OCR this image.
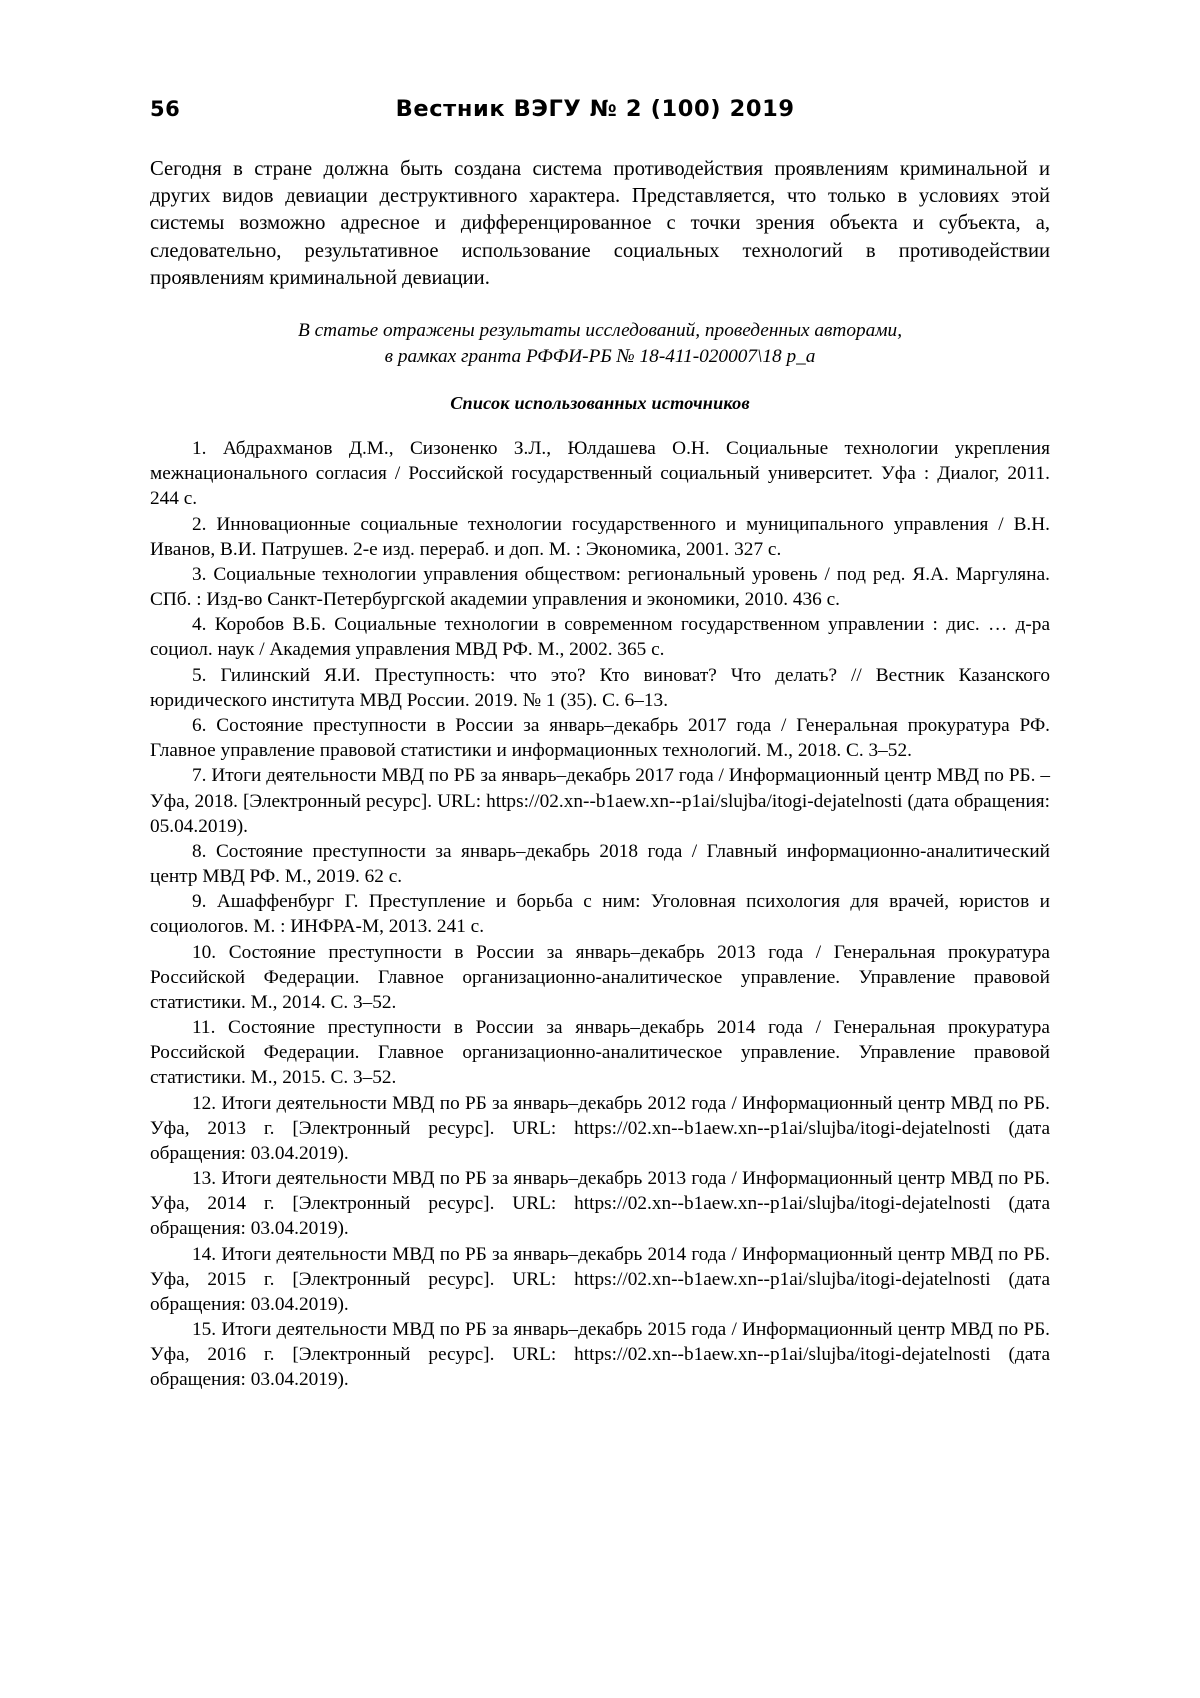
56	Вестник ВЭГУ № 2 (100) 2019

Сегодня в стране должна быть создана система противодействия проявлениям криминальной и других видов девиации деструктивного характера. Представляется, что только в условиях этой системы возможно адресное и дифференцированное с точки зрения объекта и субъекта, а, следовательно, результативное использование социальных технологий в противодействии проявлениям криминальной девиации.

В статье отражены результаты исследований, проведенных авторами,
в рамках гранта РФФИ-РБ № 18-411-020007\18 р_а
Список использованных источников

1. Абдрахманов Д.М., Сизоненко З.Л., Юлдашева О.Н. Социальные технологии укрепления межнационального согласия / Российской государственный социальный университет. Уфа : Диалог, 2011. 244 с.

2. Инновационные социальные технологии государственного и муниципального управления / В.Н. Иванов, В.И. Патрушев. 2-е изд. перераб. и доп. М. : Экономика, 2001. 327 с.

3. Социальные технологии управления обществом: региональный уровень / под ред. Я.А. Маргуляна. СПб. : Изд-во Санкт-Петербургской академии управления и экономики, 2010. 436 с.

4. Коробов В.Б. Социальные технологии в современном государственном управлении : дис. … д-ра социол. наук / Академия управления МВД РФ. М., 2002. 365 с.

5. Гилинский Я.И. Преступность: что это? Кто виноват? Что делать? // Вестник Казанского юридического института МВД России. 2019. № 1 (35). С. 6–13.

6. Состояние преступности в России за январь–декабрь 2017 года / Генеральная прокуратура РФ. Главное управление правовой статистики и информационных технологий. М., 2018. С. 3–52.

7. Итоги деятельности МВД по РБ за январь–декабрь 2017 года / Информационный центр МВД по РБ. – Уфа, 2018. [Электронный ресурс]. URL: https://02.xn--b1aew.xn--p1ai/slujba/itogi-dejatelnosti (дата обращения: 05.04.2019).

8. Состояние преступности за январь–декабрь 2018 года / Главный информационно-аналитический центр МВД РФ. М., 2019. 62 с.

9. Ашаффенбург Г. Преступление и борьба с ним: Уголовная психология для врачей, юристов и социологов. М. : ИНФРА-М, 2013. 241 с.

10. Состояние преступности в России за январь–декабрь 2013 года / Генеральная прокуратура Российской Федерации. Главное организационно-аналитическое управление. Управление правовой статистики. М., 2014. С. 3–52.

11. Состояние преступности в России за январь–декабрь 2014 года / Генеральная прокуратура Российской Федерации. Главное организационно-аналитическое управление. Управление правовой статистики. М., 2015. С. 3–52.

12. Итоги деятельности МВД по РБ за январь–декабрь 2012 года / Информационный центр МВД по РБ. Уфа, 2013 г. [Электронный ресурс]. URL: https://02.xn--b1aew.xn--p1ai/slujba/itogi-dejatelnosti (дата обращения: 03.04.2019).

13. Итоги деятельности МВД по РБ за январь–декабрь 2013 года / Информационный центр МВД по РБ. Уфа, 2014 г. [Электронный ресурс]. URL: https://02.xn--b1aew.xn--p1ai/slujba/itogi-dejatelnosti (дата обращения: 03.04.2019).

14. Итоги деятельности МВД по РБ за январь–декабрь 2014 года / Информационный центр МВД по РБ. Уфа, 2015 г. [Электронный ресурс]. URL: https://02.xn--b1aew.xn--p1ai/slujba/itogi-dejatelnosti (дата обращения: 03.04.2019).

15. Итоги деятельности МВД по РБ за январь–декабрь 2015 года / Информационный центр МВД по РБ. Уфа, 2016 г. [Электронный ресурс]. URL: https://02.xn--b1aew.xn--p1ai/slujba/itogi-dejatelnosti (дата обращения: 03.04.2019).
